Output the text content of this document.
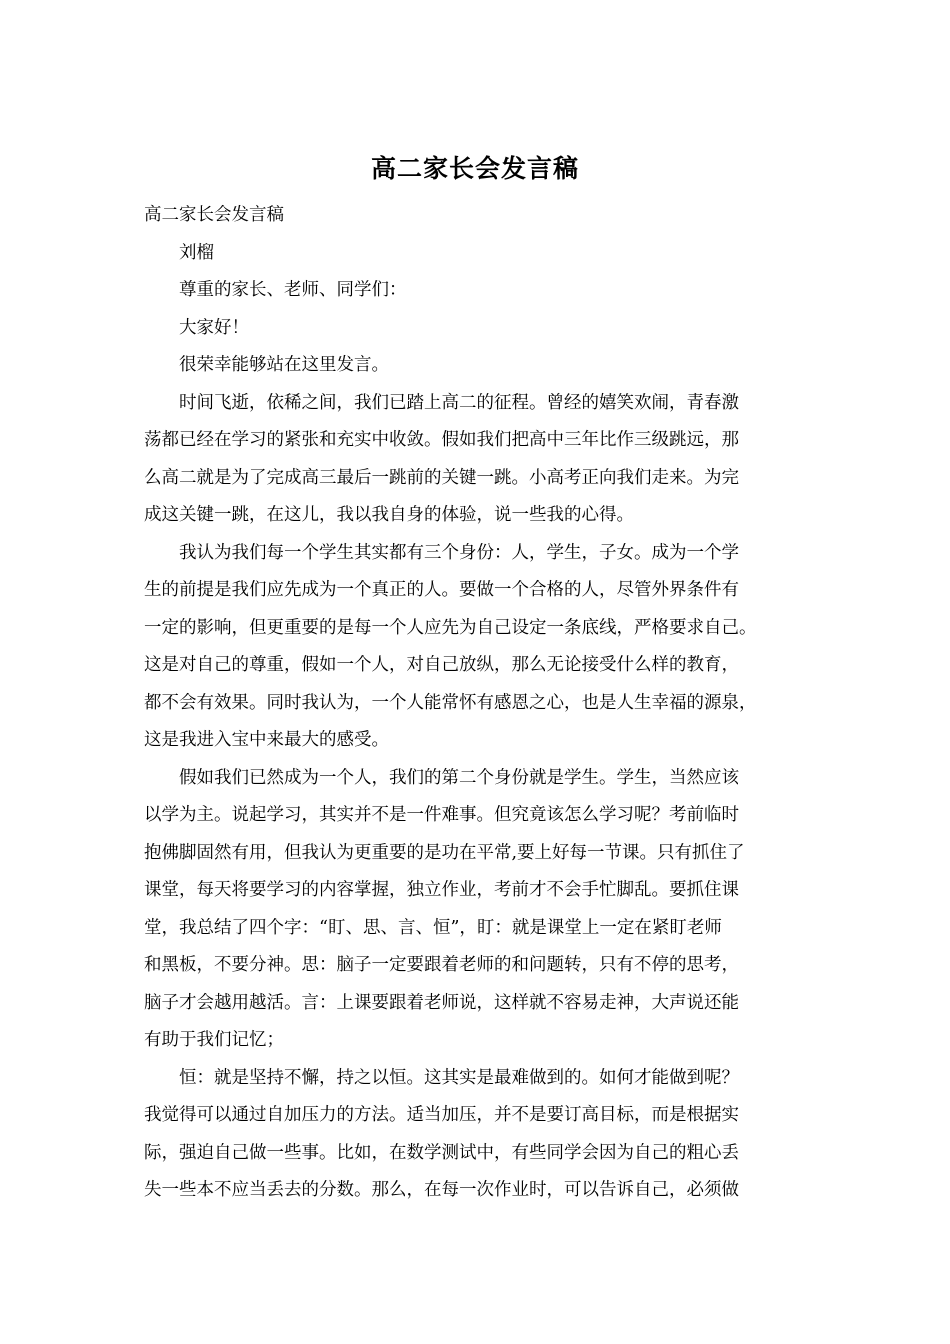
高二家长会发言稿

高二家长会发言稿

刘榴

尊重的家长、老师、同学们：

大家好！

很荣幸能够站在这里发言。

时间飞逝，依稀之间，我们已踏上高二的征程。曾经的嬉笑欢闹，青春激
荡都已经在学习的紧张和充实中收敛。假如我们把高中三年比作三级跳远，那
么高二就是为了完成高三最后一跳前的关键一跳。小高考正向我们走来。为完
成这关键一跳，在这儿，我以我自身的体验，说一些我的心得。

我认为我们每一个学生其实都有三个身份：人，学生，子女。成为一个学
生的前提是我们应先成为一个真正的人。要做一个合格的人，尽管外界条件有
一定的影响，但更重要的是每一个人应先为自己设定一条底线，严格要求自己。
这是对自己的尊重，假如一个人，对自己放纵，那么无论接受什么样的教育，
都不会有效果。同时我认为，一个人能常怀有感恩之心，也是人生幸福的源泉，
这是我进入宝中来最大的感受。

假如我们已然成为一个人，我们的第二个身份就是学生。学生，当然应该
以学为主。说起学习，其实并不是一件难事。但究竟该怎么学习呢？考前临时
抱佛脚固然有用，但我认为更重要的是功在平常,要上好每一节课。只有抓住了
课堂，每天将要学习的内容掌握，独立作业，考前才不会手忙脚乱。要抓住课
堂，我总结了四个字：“盯、思、言、恒”，盯：就是课堂上一定在紧盯老师
和黑板，不要分神。思：脑子一定要跟着老师的和问题转，只有不停的思考，
脑子才会越用越活。言：上课要跟着老师说，这样就不容易走神，大声说还能
有助于我们记忆；

恒：就是坚持不懈，持之以恒。这其实是最难做到的。如何才能做到呢？
我觉得可以通过自加压力的方法。适当加压，并不是要订高目标，而是根据实
际，强迫自己做一些事。比如，在数学测试中，有些同学会因为自己的粗心丢
失一些本不应当丢去的分数。那么，在每一次作业时，可以告诉自己，必须做
